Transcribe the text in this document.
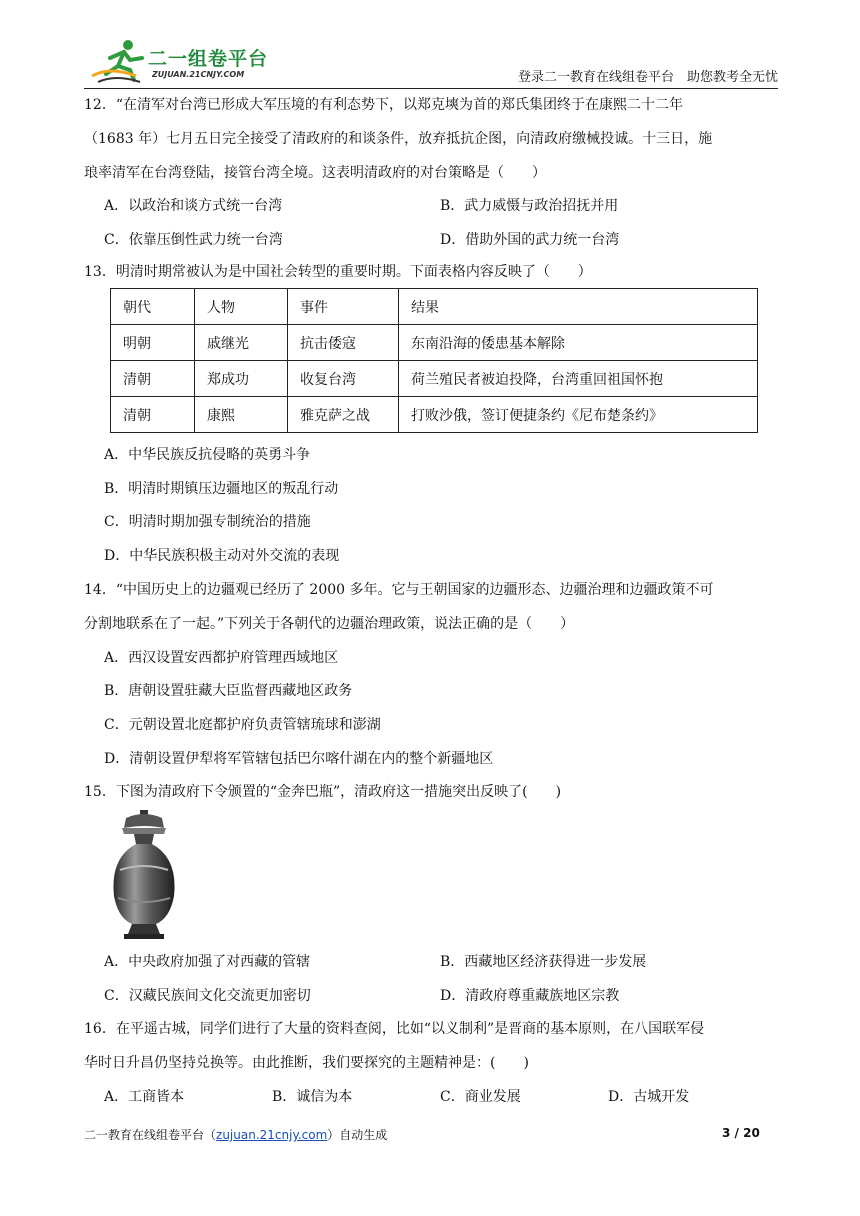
二一组卷平台
ZUJUAN.21CNJY.COM	登录二一教育在线组卷平台　助您教考全无忧
12．“在清军对台湾已形成大军压境的有利态势下，以郑克塽为首的郑氏集团终于在康熙二十二年
（1683 年）七月五日完全接受了清政府的和谈条件，放弃抵抗企图，向清政府缴械投诚。十三日，施
琅率清军在台湾登陆，接管台湾全境。这表明清政府的对台策略是（　　）
A．以政治和谈方式统一台湾	B．武力威慑与政治招抚并用
C．依靠压倒性武力统一台湾	D．借助外国的武力统一台湾
13．明清时期常被认为是中国社会转型的重要时期。下面表格内容反映了（　　）
朝代	人物	事件	结果
明朝	戚继光	抗击倭寇	东南沿海的倭患基本解除
清朝	郑成功	收复台湾	荷兰殖民者被迫投降，台湾重回祖国怀抱
清朝	康熙	雅克萨之战	打败沙俄，签订便捷条约《尼布楚条约》
A．中华民族反抗侵略的英勇斗争
B．明清时期镇压边疆地区的叛乱行动
C．明清时期加强专制统治的措施
D．中华民族积极主动对外交流的表现
14．“中国历史上的边疆观已经历了 2000 多年。它与王朝国家的边疆形态、边疆治理和边疆政策不可
分割地联系在了一起。”下列关于各朝代的边疆治理政策，说法正确的是（　　）
A．西汉设置安西都护府管理西域地区
B．唐朝设置驻藏大臣监督西藏地区政务
C．元朝设置北庭都护府负责管辖琉球和澎湖
D．清朝设置伊犁将军管辖包括巴尔喀什湖在内的整个新疆地区
15．下图为清政府下令颁置的“金奔巴瓶”，清政府这一措施突出反映了(　　)
A．中央政府加强了对西藏的管辖	B．西藏地区经济获得进一步发展
C．汉藏民族间文化交流更加密切	D．清政府尊重藏族地区宗教
16．在平遥古城，同学们进行了大量的资料查阅，比如“以义制利”是晋商的基本原则，在八国联军侵
华时日升昌仍坚持兑换等。由此推断，我们要探究的主题精神是：(　　)
A．工商皆本	B．诚信为本	C．商业发展	D．古城开发
二一教育在线组卷平台（zujuan.21cnjy.com）自动生成	3 / 20
